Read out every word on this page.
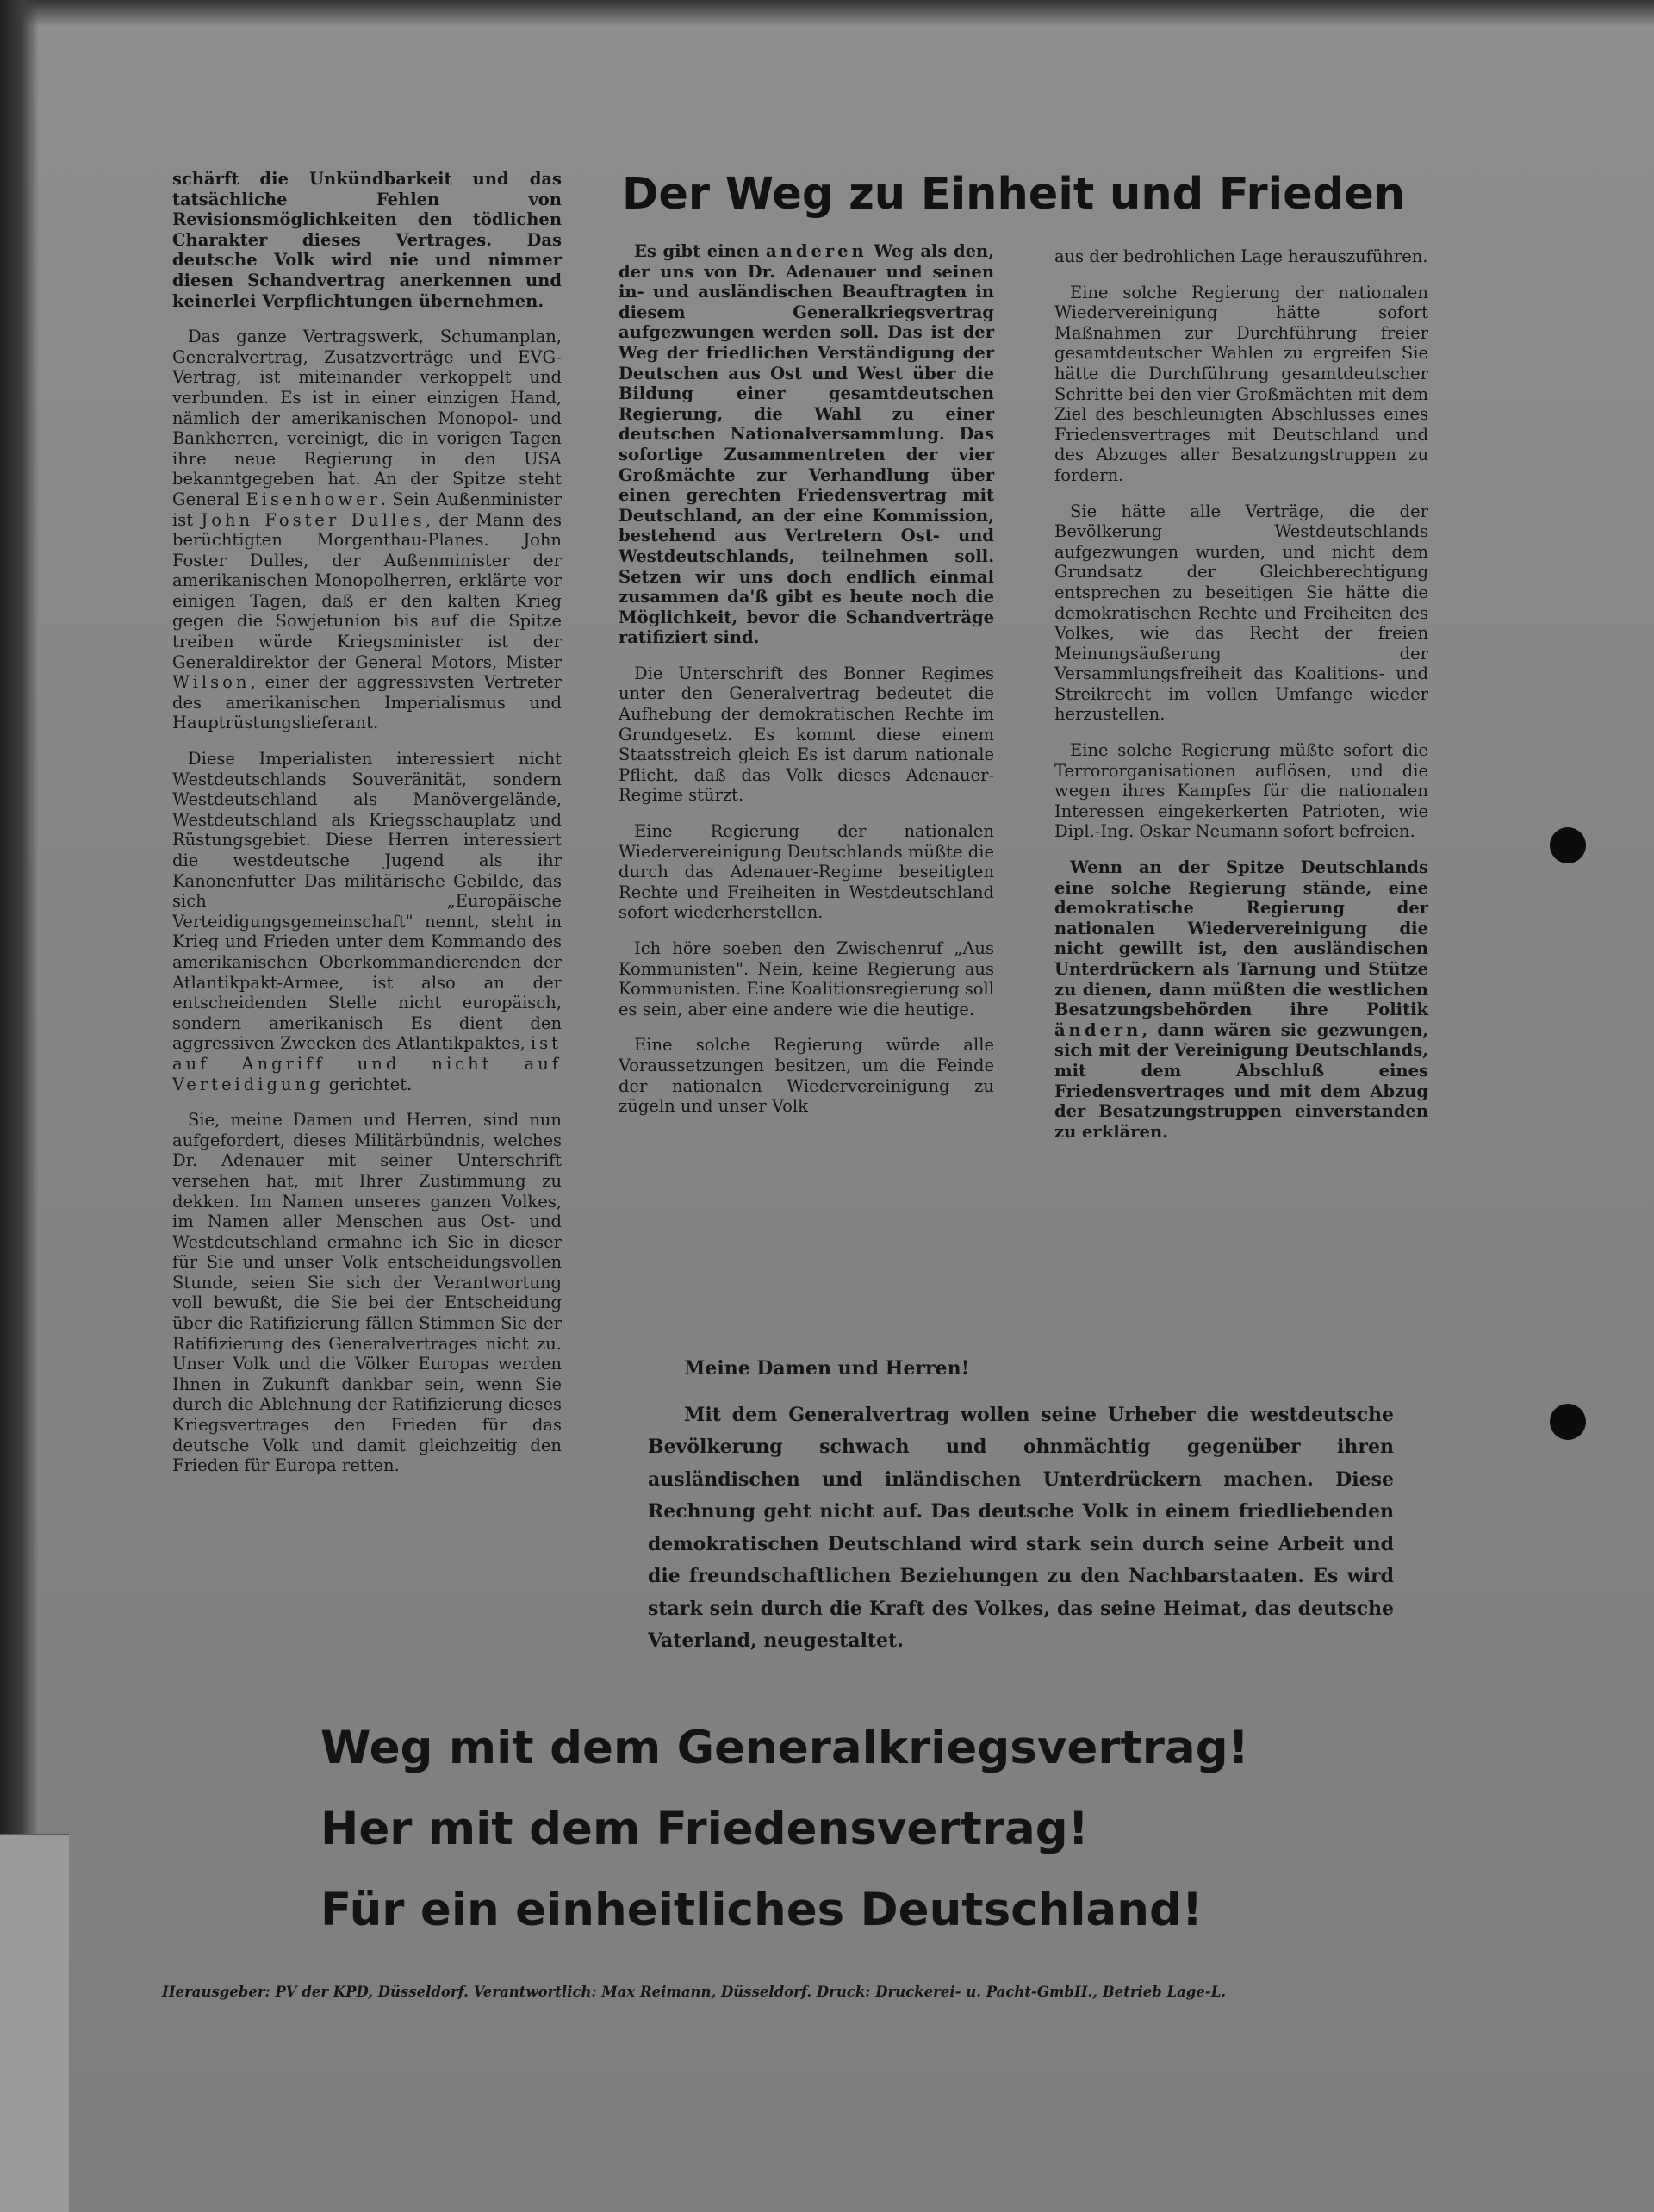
schärft die Unkündbarkeit und das tatsächliche Fehlen von Revisionsmöglichkeiten den tödlichen Charakter dieses Vertrages. Das deutsche Volk wird nie und nimmer diesen Schandvertrag anerkennen und keinerlei Verpflichtungen übernehmen.

Das ganze Vertragswerk, Schumanplan, Generalvertrag, Zusatzverträge und EVG-Vertrag, ist miteinander verkoppelt und verbunden. Es ist in einer einzigen Hand, nämlich der amerikanischen Monopol- und Bankherren, vereinigt, die in vorigen Tagen ihre neue Regierung in den USA bekanntgegeben hat. An der Spitze steht General Eisenhower. Sein Außenminister ist John Foster Dulles, der Mann des berüchtigten Morgenthau-Planes. John Foster Dulles, der Außenminister der amerikanischen Monopolherren, erklärte vor einigen Tagen, daß er den kalten Krieg gegen die Sowjetunion bis auf die Spitze treiben würde Kriegsminister ist der Generaldirektor der General Motors, Mister Wilson, einer der aggressivsten Vertreter des amerikanischen Imperialismus und Hauptrüstungslieferant.

Diese Imperialisten interessiert nicht Westdeutschlands Souveränität, sondern Westdeutschland als Manövergelände, Westdeutschland als Kriegsschauplatz und Rüstungsgebiet. Diese Herren interessiert die westdeutsche Jugend als ihr Kanonenfutter Das militärische Gebilde, das sich „Europäische Verteidigungsgemeinschaft" nennt, steht in Krieg und Frieden unter dem Kommando des amerikanischen Oberkommandierenden der Atlantikpakt-Armee, ist also an der entscheidenden Stelle nicht europäisch, sondern amerikanisch Es dient den aggressiven Zwecken des Atlantikpaktes, ist auf Angriff und nicht auf Verteidigung gerichtet.

Sie, meine Damen und Herren, sind nun aufgefordert, dieses Militärbündnis, welches Dr. Adenauer mit seiner Unterschrift versehen hat, mit Ihrer Zustimmung zu dekken. Im Namen unseres ganzen Volkes, im Namen aller Menschen aus Ost- und Westdeutschland ermahne ich Sie in dieser für Sie und unser Volk entscheidungsvollen Stunde, seien Sie sich der Verantwortung voll bewußt, die Sie bei der Entscheidung über die Ratifizierung fällen Stimmen Sie der Ratifizierung des Generalvertrages nicht zu. Unser Volk und die Völker Europas werden Ihnen in Zukunft dankbar sein, wenn Sie durch die Ablehnung der Ratifizierung dieses Kriegsvertrages den Frieden für das deutsche Volk und damit gleichzeitig den Frieden für Europa retten.

Der Weg zu Einheit und Frieden

Es gibt einen anderen Weg als den, der uns von Dr. Adenauer und seinen in- und ausländischen Beauftragten in diesem Generalkriegsvertrag aufgezwungen werden soll. Das ist der Weg der friedlichen Verständigung der Deutschen aus Ost und West über die Bildung einer gesamtdeutschen Regierung, die Wahl zu einer deutschen Nationalversammlung. Das sofortige Zusammentreten der vier Großmächte zur Verhandlung über einen gerechten Friedensvertrag mit Deutschland, an der eine Kommission, bestehend aus Vertretern Ost- und Westdeutschlands, teilnehmen soll. Setzen wir uns doch endlich einmal zusammen da'ß gibt es heute noch die Möglichkeit, bevor die Schandverträge ratifiziert sind.

Die Unterschrift des Bonner Regimes unter den Generalvertrag bedeutet die Aufhebung der demokratischen Rechte im Grundgesetz. Es kommt diese einem Staatsstreich gleich Es ist darum nationale Pflicht, daß das Volk dieses Adenauer-Regime stürzt.

Eine Regierung der nationalen Wiedervereinigung Deutschlands müßte die durch das Adenauer-Regime beseitigten Rechte und Freiheiten in Westdeutschland sofort wiederherstellen.

Ich höre soeben den Zwischenruf „Aus Kommunisten". Nein, keine Regierung aus Kommunisten. Eine Koalitionsregierung soll es sein, aber eine andere wie die heutige.

Eine solche Regierung würde alle Voraussetzungen besitzen, um die Feinde der nationalen Wiedervereinigung zu zügeln und unser Volk

aus der bedrohlichen Lage herauszuführen.

Eine solche Regierung der nationalen Wiedervereinigung hätte sofort Maßnahmen zur Durchführung freier gesamtdeutscher Wahlen zu ergreifen Sie hätte die Durchführung gesamtdeutscher Schritte bei den vier Großmächten mit dem Ziel des beschleunigten Abschlusses eines Friedensvertrages mit Deutschland und des Abzuges aller Besatzungstruppen zu fordern.

Sie hätte alle Verträge, die der Bevölkerung Westdeutschlands aufgezwungen wurden, und nicht dem Grundsatz der Gleichberechtigung entsprechen zu beseitigen Sie hätte die demokratischen Rechte und Freiheiten des Volkes, wie das Recht der freien Meinungsäußerung der Versammlungsfreiheit das Koalitions- und Streikrecht im vollen Umfange wieder herzustellen.

Eine solche Regierung müßte sofort die Terrororganisationen auflösen, und die wegen ihres Kampfes für die nationalen Interessen eingekerkerten Patrioten, wie Dipl.-Ing. Oskar Neumann sofort befreien.

Wenn an der Spitze Deutschlands eine solche Regierung stände, eine demokratische Regierung der nationalen Wiedervereinigung die nicht gewillt ist, den ausländischen Unterdrückern als Tarnung und Stütze zu dienen, dann müßten die westlichen Besatzungsbehörden ihre Politik ändern, dann wären sie gezwungen, sich mit der Vereinigung Deutschlands, mit dem Abschluß eines Friedensvertrages und mit dem Abzug der Besatzungstruppen einverstanden zu erklären.

Meine Damen und Herren!

Mit dem Generalvertrag wollen seine Urheber die westdeutsche Bevölkerung schwach und ohnmächtig gegenüber ihren ausländischen und inländischen Unterdrückern machen. Diese Rechnung geht nicht auf. Das deutsche Volk in einem friedliebenden demokratischen Deutschland wird stark sein durch seine Arbeit und die freundschaftlichen Beziehungen zu den Nachbarstaaten. Es wird stark sein durch die Kraft des Volkes, das seine Heimat, das deutsche Vaterland, neugestaltet.

Weg mit dem Generalkriegsvertrag!
Her mit dem Friedensvertrag!
Für ein einheitliches Deutschland!
Herausgeber: PV der KPD, Düsseldorf. Verantwortlich: Max Reimann, Düsseldorf. Druck: Druckerei- u. Pacht-GmbH., Betrieb Lage-L.
